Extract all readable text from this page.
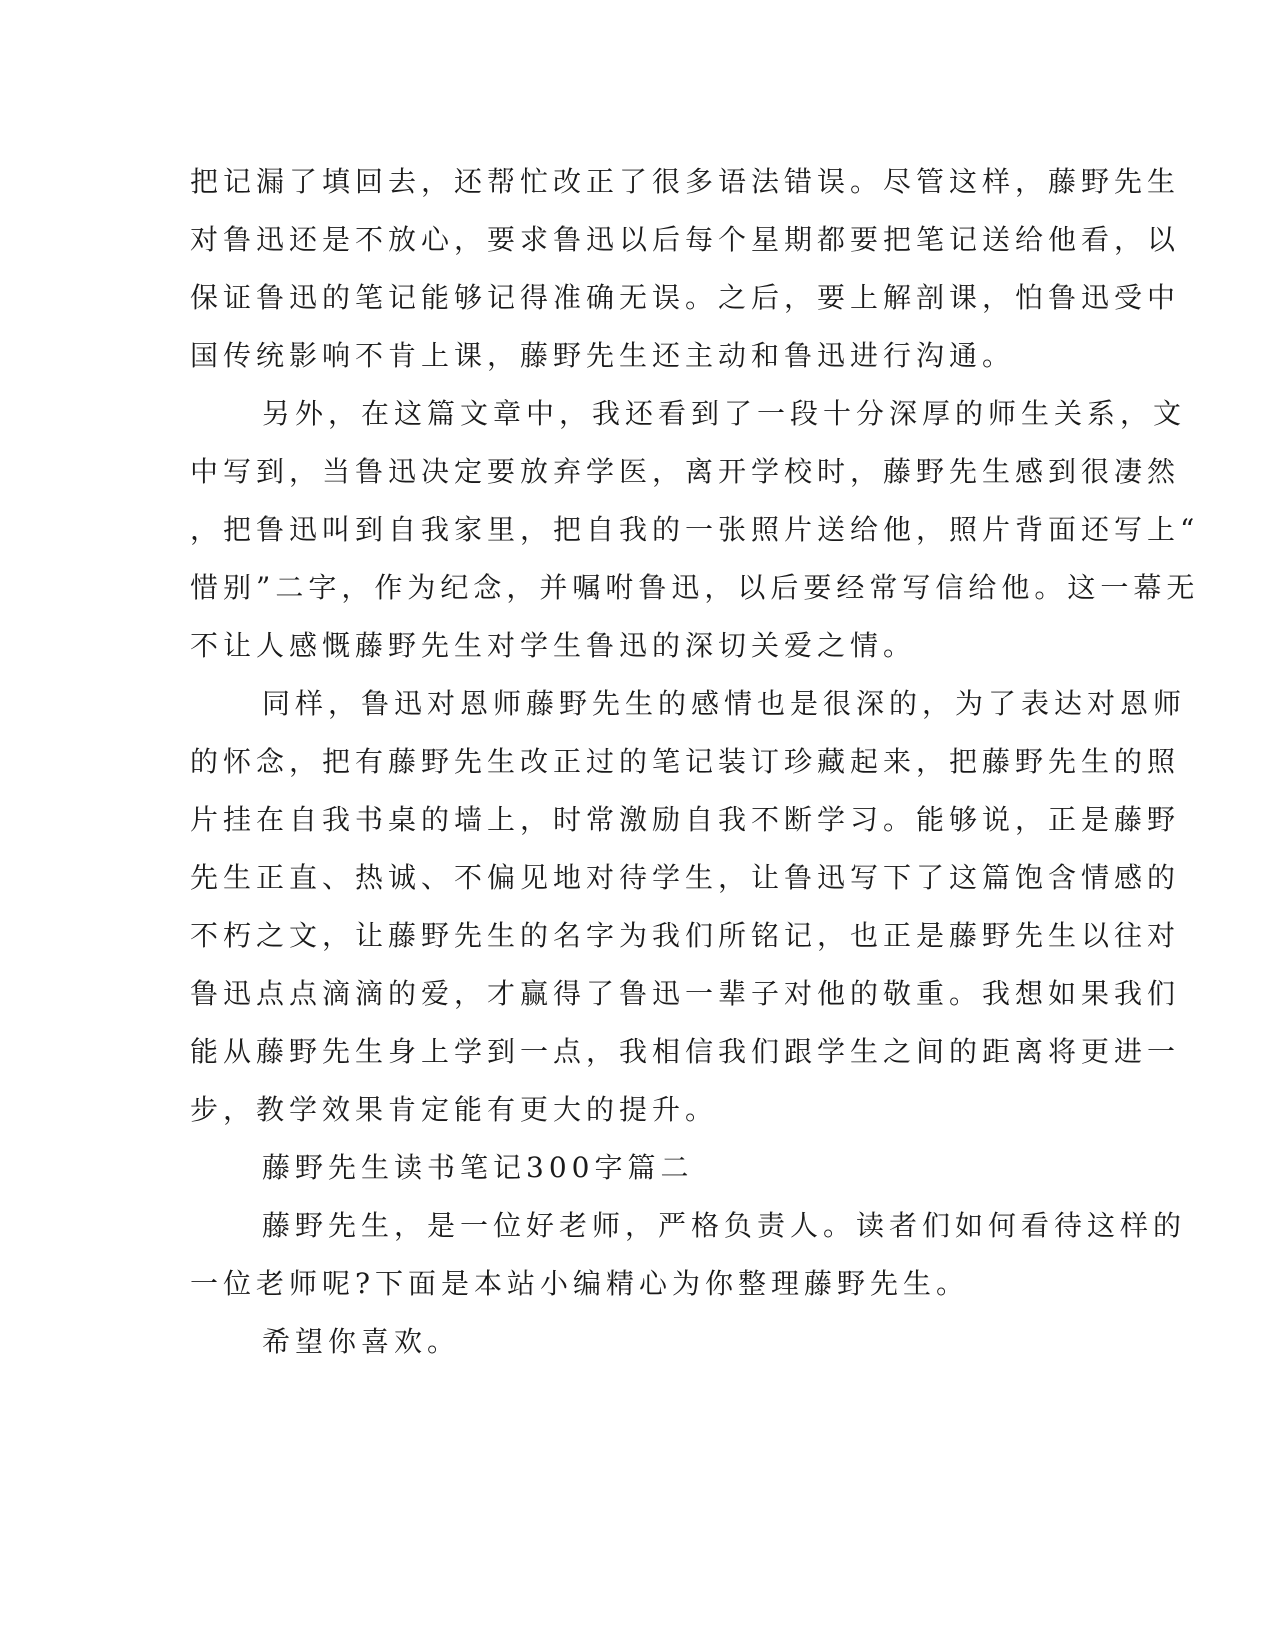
把记漏了填回去，还帮忙改正了很多语法错误。尽管这样，藤野先生
对鲁迅还是不放心，要求鲁迅以后每个星期都要把笔记送给他看，以
保证鲁迅的笔记能够记得准确无误。之后，要上解剖课，怕鲁迅受中
国传统影响不肯上课，藤野先生还主动和鲁迅进行沟通。
另外，在这篇文章中，我还看到了一段十分深厚的师生关系，文
中写到，当鲁迅决定要放弃学医，离开学校时，藤野先生感到很凄然
，把鲁迅叫到自我家里，把自我的一张照片送给他，照片背面还写上“
惜别”二字，作为纪念，并嘱咐鲁迅，以后要经常写信给他。这一幕无
不让人感慨藤野先生对学生鲁迅的深切关爱之情。
同样，鲁迅对恩师藤野先生的感情也是很深的，为了表达对恩师
的怀念，把有藤野先生改正过的笔记装订珍藏起来，把藤野先生的照
片挂在自我书桌的墙上，时常激励自我不断学习。能够说，正是藤野
先生正直、热诚、不偏见地对待学生，让鲁迅写下了这篇饱含情感的
不朽之文，让藤野先生的名字为我们所铭记，也正是藤野先生以往对
鲁迅点点滴滴的爱，才赢得了鲁迅一辈子对他的敬重。我想如果我们
能从藤野先生身上学到一点，我相信我们跟学生之间的距离将更进一
步，教学效果肯定能有更大的提升。
藤野先生读书笔记300字篇二
藤野先生，是一位好老师，严格负责人。读者们如何看待这样的
一位老师呢?下面是本站小编精心为你整理藤野先生。
希望你喜欢。
